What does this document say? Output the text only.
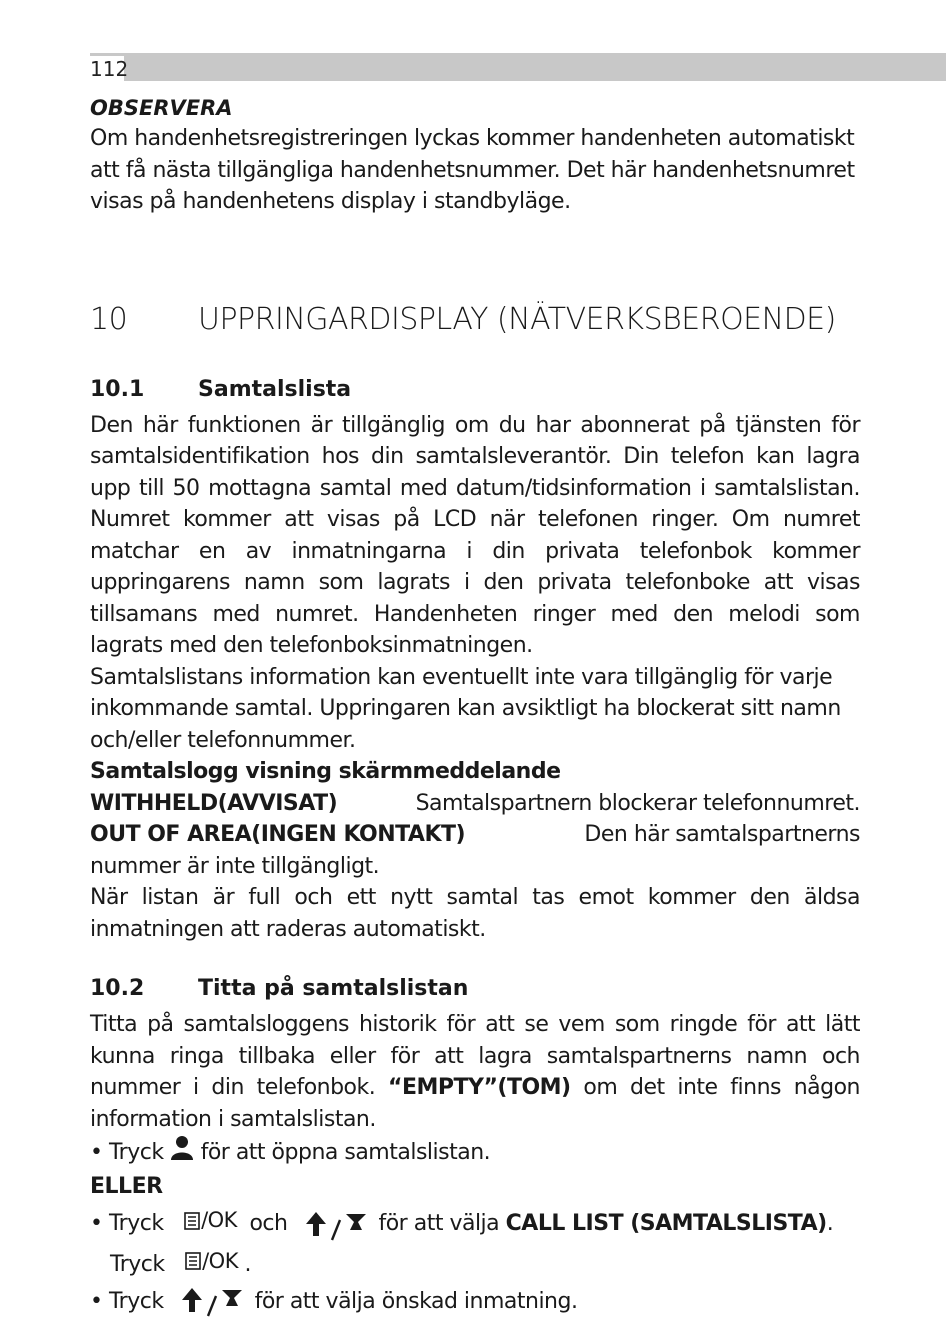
112
OBSERVERA

Om handenhetsregistreringen lyckas kommer handenheten automatiskt att få nästa tillgängliga handenhetsnummer. Det här handenhetsnumret visas på handenhetens display i standbyläge.

10	UPPRINGARDISPLAY (NÄTVERKSBEROENDE)
10.1	Samtalslista

Den här funktionen är tillgänglig om du har abonnerat på tjänsten för samtalsidentifikation hos din samtalsleverantör. Din telefon kan lagra upp till 50 mottagna samtal med datum/tidsinformation i samtalslistan. Numret kommer att visas på LCD när telefonen ringer. Om numret matchar en av inmatningarna i din privata telefonbok kommer uppringarens namn som lagrats i den privata telefonboke att visas tillsamans med numret. Handenheten ringer med den melodi som lagrats med den telefonboksinmatningen.

Samtalslistans information kan eventuellt inte vara tillgänglig för varje inkommande samtal. Uppringaren kan avsiktligt ha blockerat sitt namn och/eller telefonnummer.

Samtalslogg visning skärmmeddelande
WITHHELD(AVVISAT)	Samtalspartnern blockerar telefonnumret.
OUT OF AREA(INGEN KONTAKT)	Den här samtalspartnerns
nummer är inte tillgängligt.

När listan är full och ett nytt samtal tas emot kommer den äldsa inmatningen att raderas automatiskt.

10.2	Titta på samtalslistan

Titta på samtalsloggens historik för att se vem som ringde för att lätt kunna ringa tillbaka eller för att lagra samtalspartnerns namn och nummer i din telefonbok. “EMPTY”(TOM) om det inte finns någon information i samtalslistan.

• Tryck för att öppna samtalslistan.
ELLER
• Tryck /OK och	för att välja CALL LIST (SAMTALSLISTA).
Tryck /OK .
• Tryck	för att välja önskad inmatning.
